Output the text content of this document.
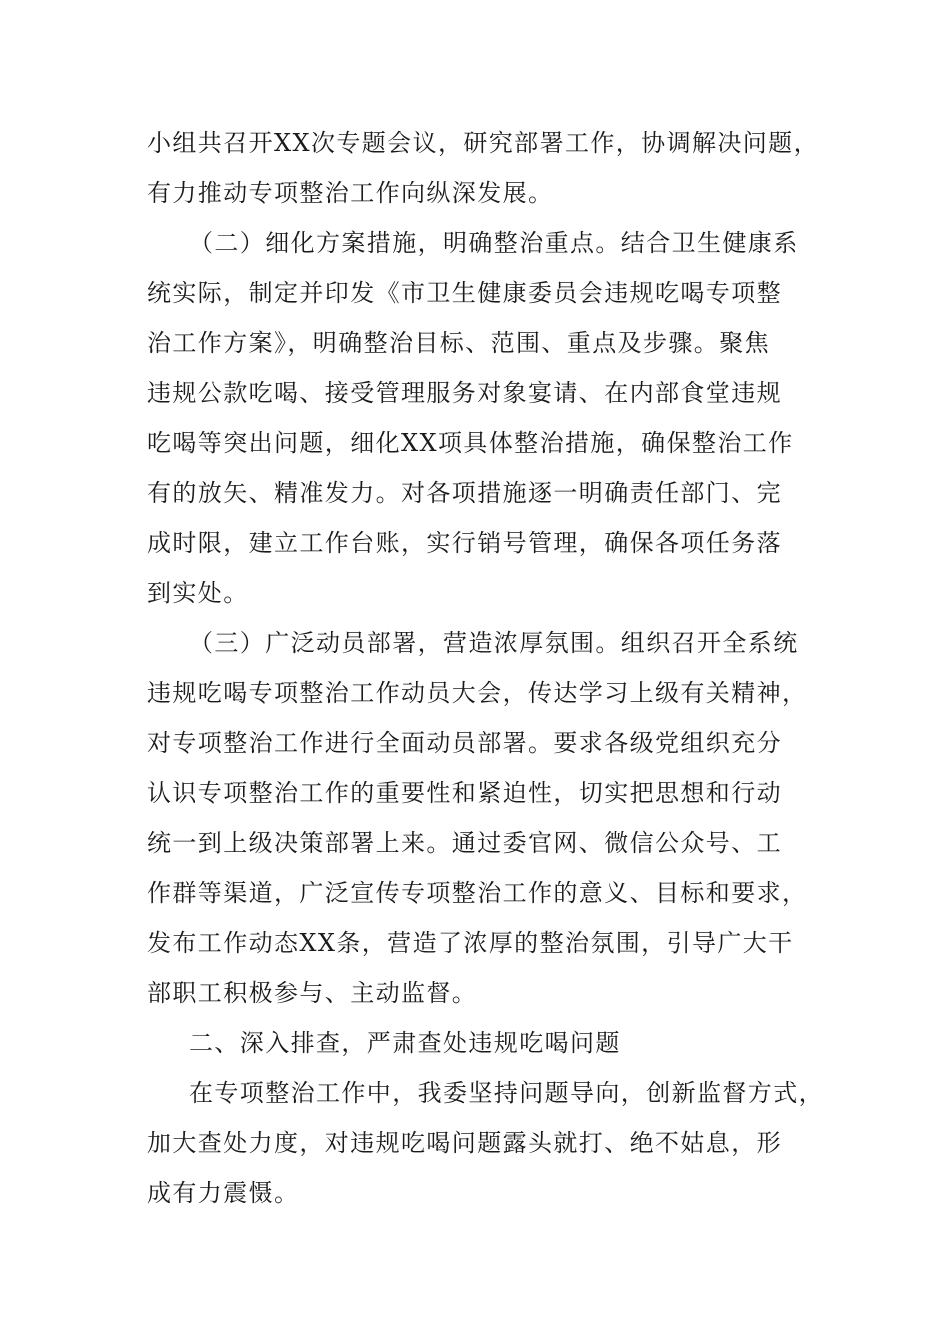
小组共召开XX次专题会议，研究部署工作，协调解决问题，
有力推动专项整治工作向纵深发展。
（二）细化方案措施，明确整治重点。结合卫生健康系
统实际，制定并印发《市卫生健康委员会违规吃喝专项整
治工作方案》，明确整治目标、范围、重点及步骤。聚焦
违规公款吃喝、接受管理服务对象宴请、在内部食堂违规
吃喝等突出问题，细化XX项具体整治措施，确保整治工作
有的放矢、精准发力。对各项措施逐一明确责任部门、完
成时限，建立工作台账，实行销号管理，确保各项任务落
到实处。
（三）广泛动员部署，营造浓厚氛围。组织召开全系统
违规吃喝专项整治工作动员大会，传达学习上级有关精神，
对专项整治工作进行全面动员部署。要求各级党组织充分
认识专项整治工作的重要性和紧迫性，切实把思想和行动
统一到上级决策部署上来。通过委官网、微信公众号、工
作群等渠道，广泛宣传专项整治工作的意义、目标和要求，
发布工作动态XX条，营造了浓厚的整治氛围，引导广大干
部职工积极参与、主动监督。
二、深入排查，严肃查处违规吃喝问题
在专项整治工作中，我委坚持问题导向，创新监督方式，
加大查处力度，对违规吃喝问题露头就打、绝不姑息，形
成有力震慑。
